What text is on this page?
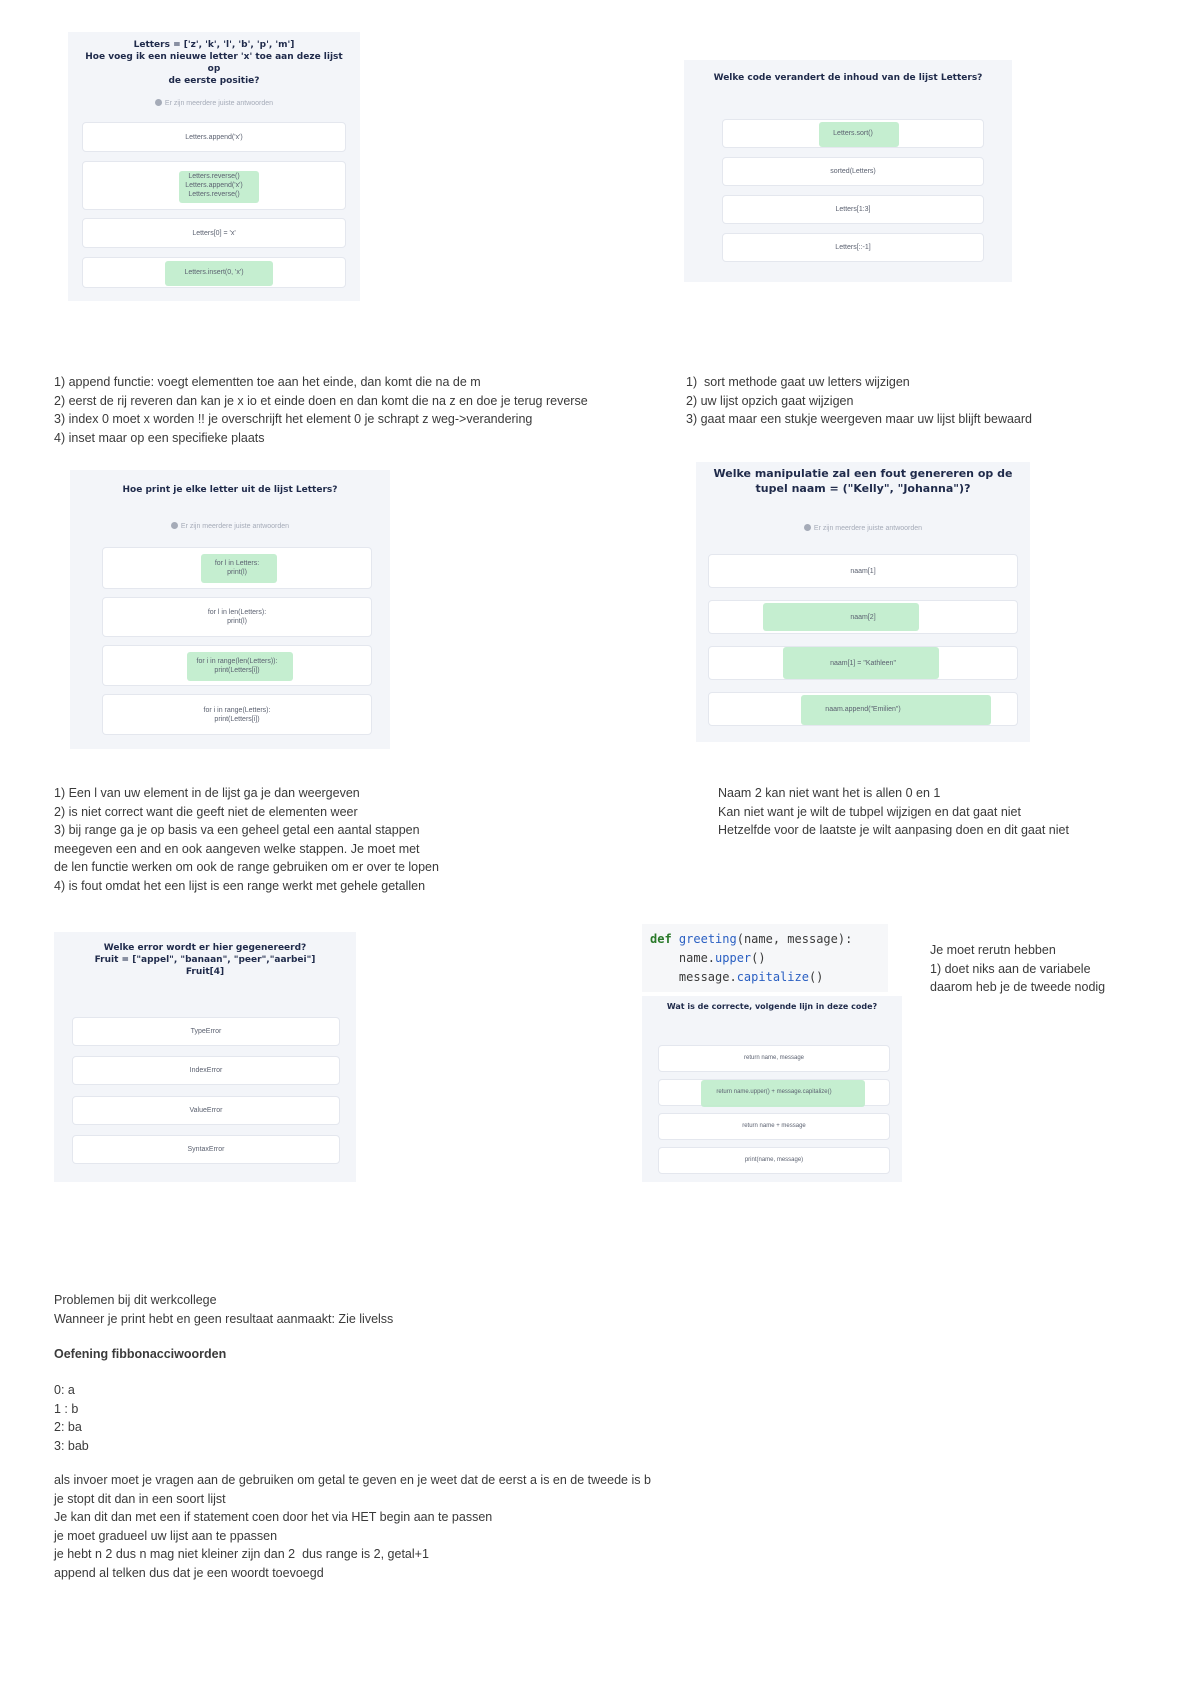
Letters = ['z', 'k', 'l', 'b', 'p', 'm']
Hoe voeg ik een nieuwe letter 'x' toe aan deze lijst op
de eerste positie?
Er zijn meerdere juiste antwoorden
Letters.append('x')
Letters.reverse()
Letters.append('x')
Letters.reverse()
Letters[0] = 'x'
Letters.insert(0, 'x')
Welke code verandert de inhoud van de lijst Letters?
Letters.sort()
sorted(Letters)
Letters[1:3]
Letters[::-1]
1) append functie: voegt elementten toe aan het einde, dan komt die na de m
2) eerst de rij reveren dan kan je x io et einde doen en dan komt die na z en doe je terug reverse
3) index 0 moet x worden !! je overschrijft het element 0 je schrapt z weg->verandering
4) inset maar op een specifieke plaats
1)  sort methode gaat uw letters wijzigen
2) uw lijst opzich gaat wijzigen
3) gaat maar een stukje weergeven maar uw lijst blijft bewaard
Hoe print je elke letter uit de lijst Letters?
Er zijn meerdere juiste antwoorden
for l in Letters:
print(l)
for l in len(Letters):
print(l)
for i in range(len(Letters)):
print(Letters[i])
for i in range(Letters):
print(Letters[i])
Welke manipulatie zal een fout genereren op de
tupel naam = ("Kelly", "Johanna")?
Er zijn meerdere juiste antwoorden
naam[1]
naam[2]
naam[1] = "Kathleen"
naam.append("Emilien")
1) Een l van uw element in de lijst ga je dan weergeven
2) is niet correct want die geeft niet de elementen weer
3) bij range ga je op basis va een geheel getal een aantal stappen
meegeven een and en ook aangeven welke stappen. Je moet met
de len functie werken om ook de range gebruiken om er over te lopen
4) is fout omdat het een lijst is een range werkt met gehele getallen
Naam 2 kan niet want het is allen 0 en 1
Kan niet want je wilt de tubpel wijzigen en dat gaat niet
Hetzelfde voor de laatste je wilt aanpasing doen en dit gaat niet
Welke error wordt er hier gegenereerd?
Fruit = ["appel", "banaan", "peer","aarbei"]
Fruit[4]
TypeError
IndexError
ValueError
SyntaxError
def greeting(name, message):
name.upper()
message.capitalize()
Wat is de correcte, volgende lijn in deze code?
return name, message
return name.upper() + message.capitalize()
return name + message
print(name, message)
Je moet rerutn hebben
1) doet niks aan de variabele
daarom heb je de tweede nodig
Problemen bij dit werkcollege
Wanneer je print hebt en geen resultaat aanmaakt: Zie livelss
Oefening fibbonacciwoorden
0: a
1 : b
2: ba
3: bab
als invoer moet je vragen aan de gebruiken om getal te geven en je weet dat de eerst a is en de tweede is b
je stopt dit dan in een soort lijst
Je kan dit dan met een if statement coen door het via HET begin aan te passen
je moet gradueel uw lijst aan te ppassen
je hebt n 2 dus n mag niet kleiner zijn dan 2  dus range is 2, getal+1
append al telken dus dat je een woordt toevoegd
